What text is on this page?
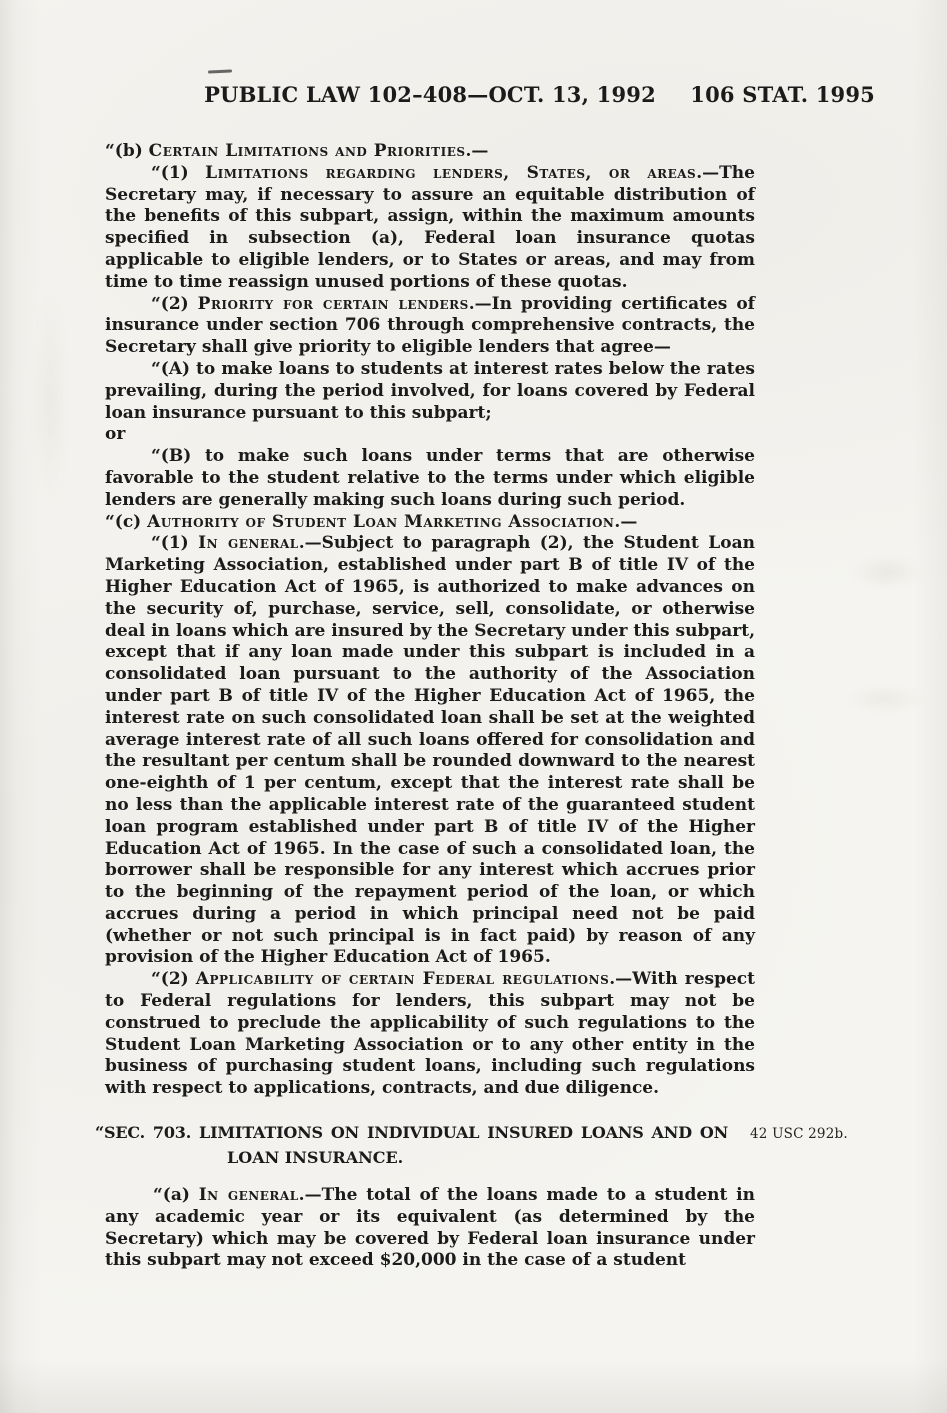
PUBLIC LAW 102–408—OCT. 13, 1992	106 STAT. 1995

“(b) Certain Limitations and Priorities.—

“(1) Limitations regarding lenders, States, or areas.—The Secretary may, if necessary to assure an equitable distribution of the benefits of this subpart, assign, within the maximum amounts specified in subsection (a), Federal loan insurance quotas applicable to eligible lenders, or to States or areas, and may from time to time reassign unused portions of these quotas.

“(2) Priority for certain lenders.—In providing certificates of insurance under section 706 through comprehensive contracts, the Secretary shall give priority to eligible lenders that agree—

“(A) to make loans to students at interest rates below the rates prevailing, during the period involved, for loans covered by Federal loan insurance pursuant to this subpart;
or

“(B) to make such loans under terms that are otherwise favorable to the student relative to the terms under which eligible lenders are generally making such loans during such period.

“(c) Authority of Student Loan Marketing Association.—

“(1) In general.—Subject to paragraph (2), the Student Loan Marketing Association, established under part B of title IV of the Higher Education Act of 1965, is authorized to make advances on the security of, purchase, service, sell, consolidate, or otherwise deal in loans which are insured by the Secretary under this subpart, except that if any loan made under this subpart is included in a consolidated loan pursuant to the authority of the Association under part B of title IV of the Higher Education Act of 1965, the interest rate on such consolidated loan shall be set at the weighted average interest rate of all such loans offered for consolidation and the resultant per centum shall be rounded downward to the nearest one-eighth of 1 per centum, except that the interest rate shall be no less than the applicable interest rate of the guaranteed student loan program established under part B of title IV of the Higher Education Act of 1965. In the case of such a consolidated loan, the borrower shall be responsible for any interest which accrues prior to the beginning of the repayment period of the loan, or which accrues during a period in which principal need not be paid (whether or not such principal is in fact paid) by reason of any provision of the Higher Education Act of 1965.

“(2) Applicability of certain Federal regulations.—With respect to Federal regulations for lenders, this subpart may not be construed to preclude the applicability of such regulations to the Student Loan Marketing Association or to any other entity in the business of purchasing student loans, including such regulations with respect to applications, contracts, and due diligence.

“SEC. 703. LIMITATIONS ON INDIVIDUAL INSURED LOANS AND ON
LOAN INSURANCE.
42 USC 292b.

“(a) In general.—The total of the loans made to a student in any academic year or its equivalent (as determined by the Secretary) which may be covered by Federal loan insurance under this subpart may not exceed $20,000 in the case of a student
